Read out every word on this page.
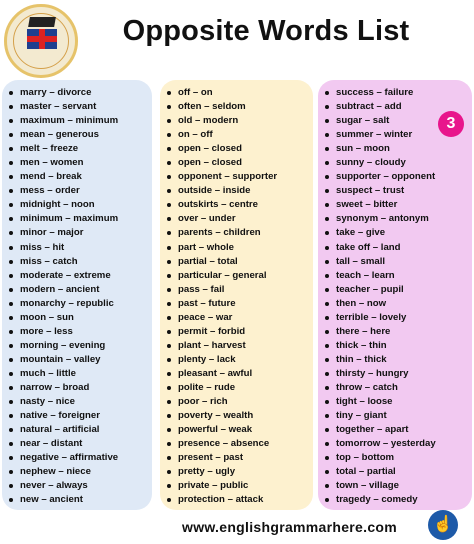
Opposite Words List
marry – divorce
master – servant
maximum – minimum
mean – generous
melt – freeze
men – women
mend – break
mess – order
midnight – noon
minimum – maximum
minor – major
miss – hit
miss – catch
moderate – extreme
modern – ancient
monarchy – republic
moon – sun
more – less
morning – evening
mountain – valley
much – little
narrow – broad
nasty – nice
native – foreigner
natural – artificial
near – distant
negative – affirmative
nephew – niece
never – always
new – ancient
off – on
often – seldom
old – modern
on – off
open – closed
open – closed
opponent – supporter
outside – inside
outskirts – centre
over – under
parents – children
part – whole
partial – total
particular – general
pass – fail
past – future
peace – war
permit – forbid
plant – harvest
plenty – lack
pleasant – awful
polite – rude
poor – rich
poverty – wealth
powerful – weak
presence – absence
present – past
pretty – ugly
private – public
protection – attack
success – failure
subtract – add
sugar – salt
summer – winter
sun – moon
sunny – cloudy
supporter – opponent
suspect – trust
sweet – bitter
synonym – antonym
take – give
take off – land
tall – small
teach – learn
teacher – pupil
then – now
terrible – lovely
there – here
thick – thin
thin – thick
thirsty – hungry
throw – catch
tight – loose
tiny – giant
together – apart
tomorrow – yesterday
top – bottom
total – partial
town – village
tragedy – comedy
3
www.englishgrammarhere.com	☝
